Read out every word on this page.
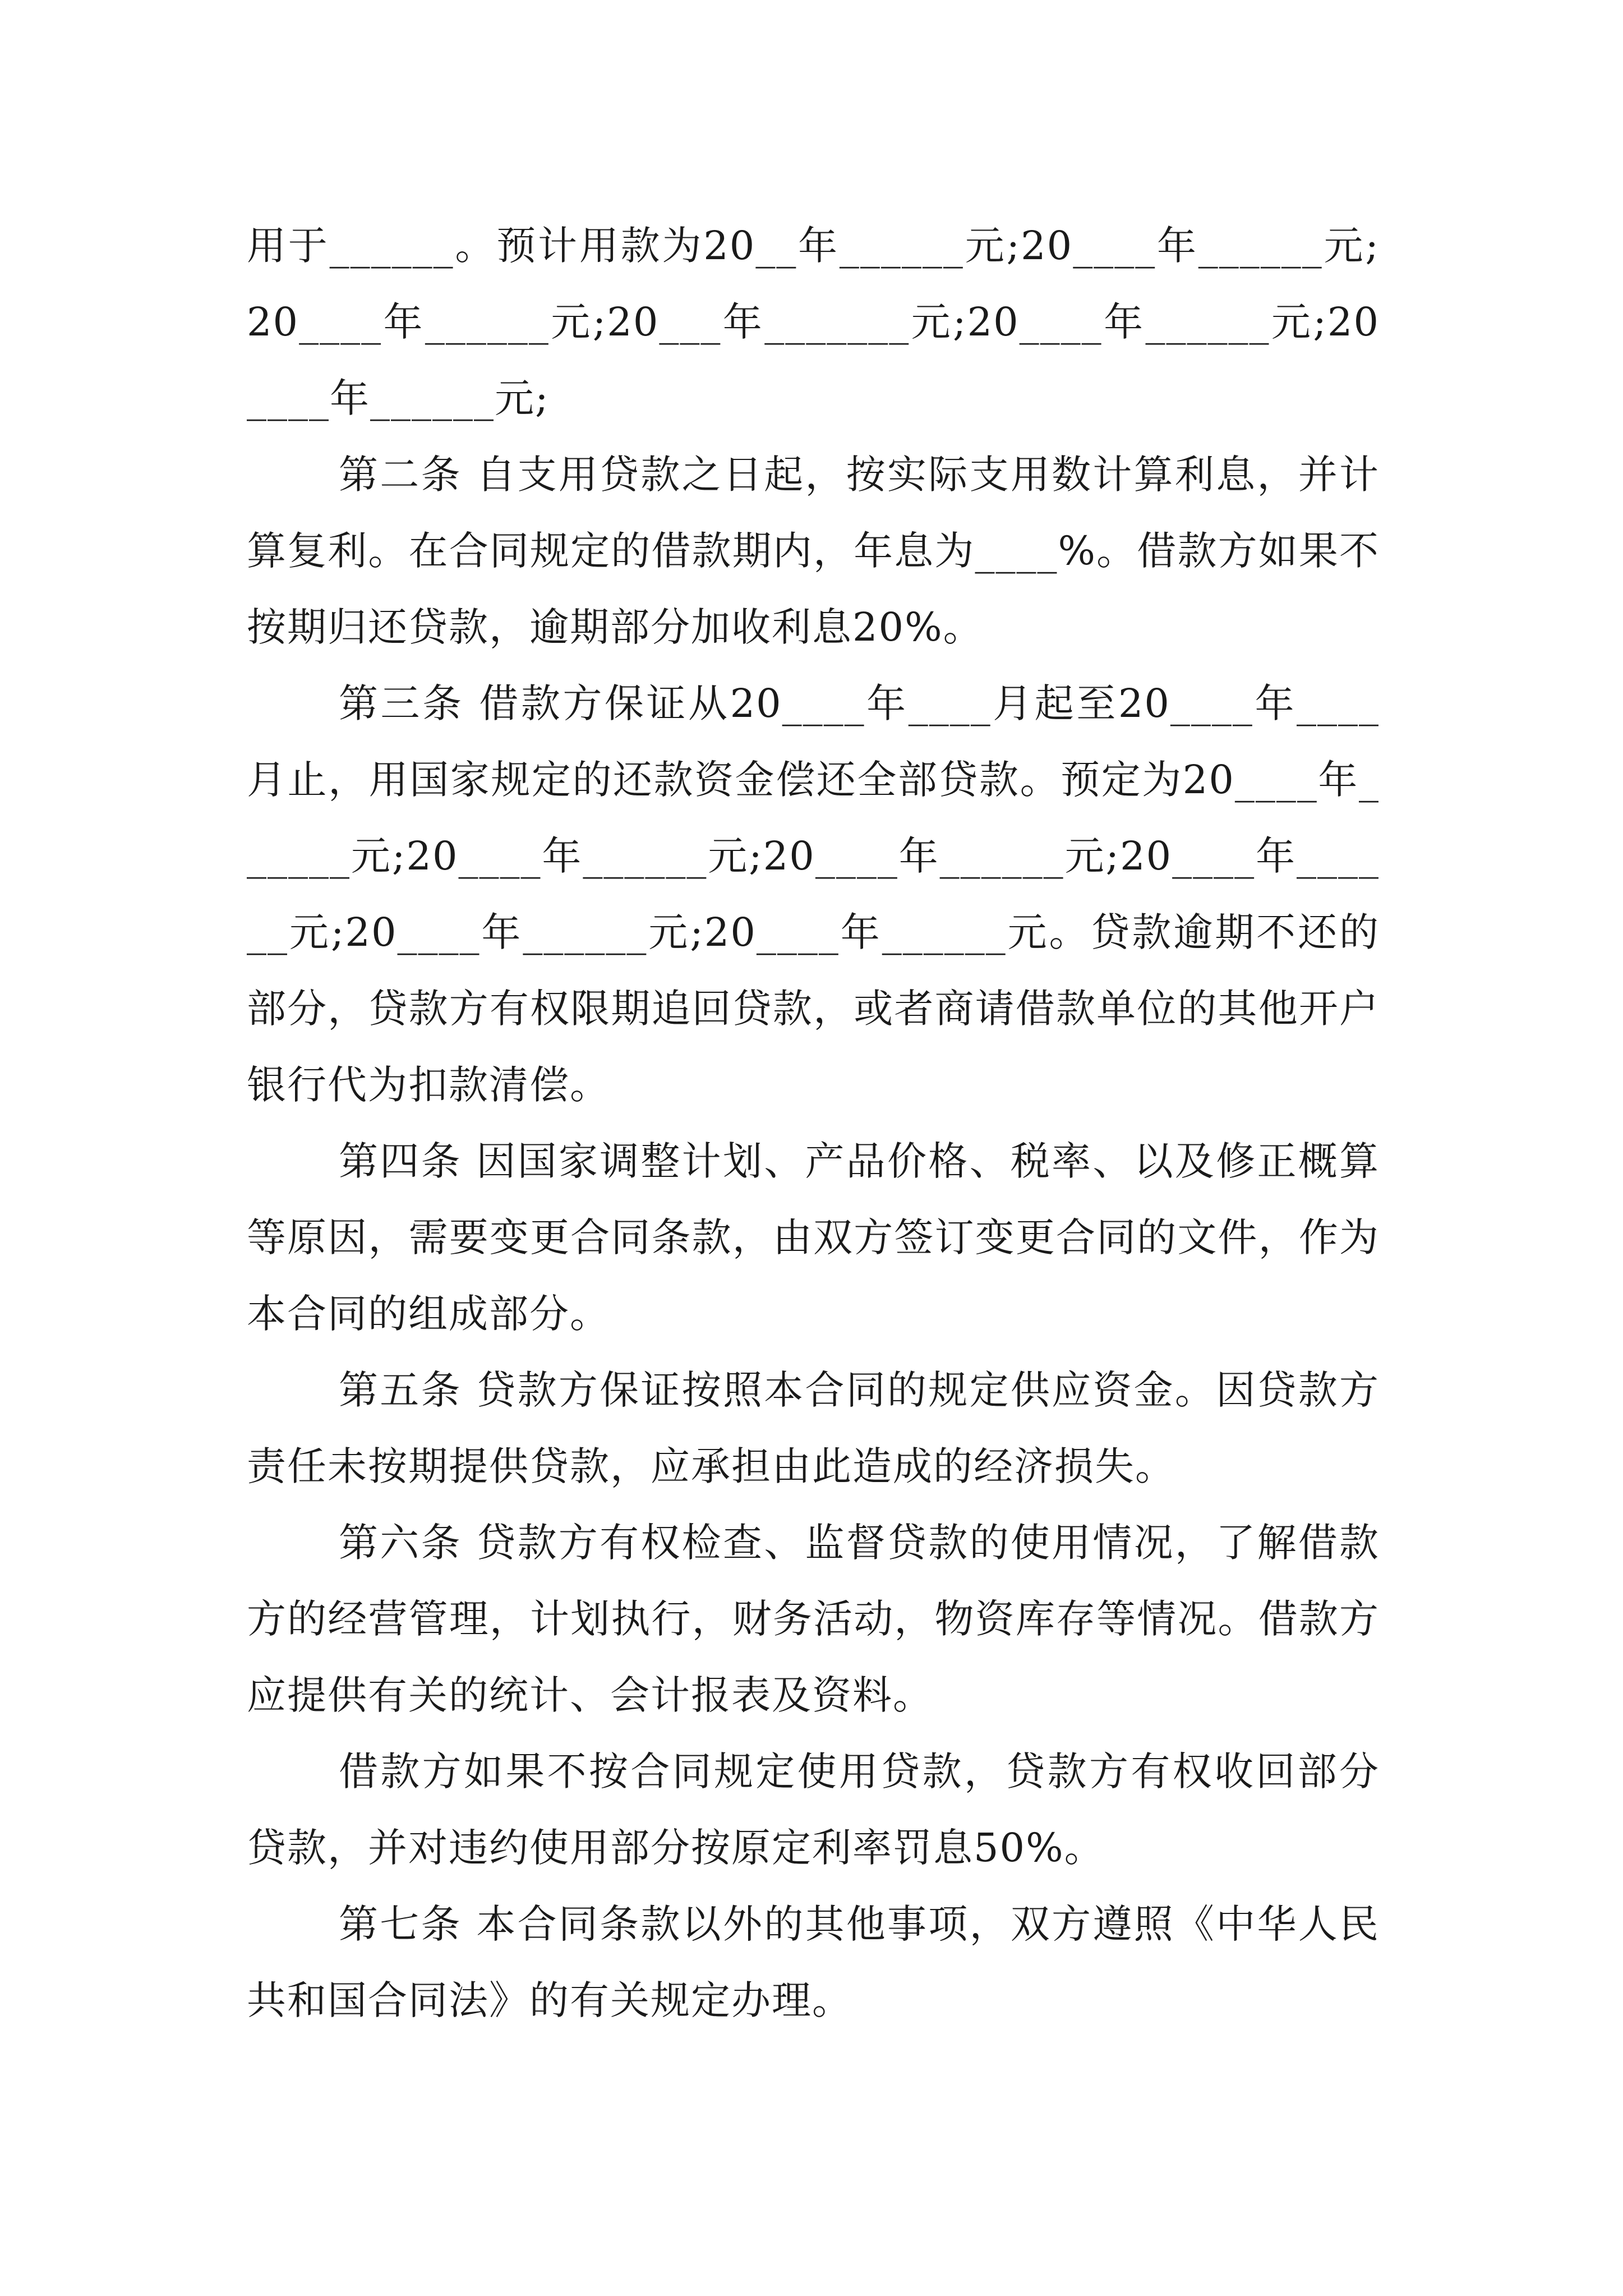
用于______。预计用款为20__年______元;20____年______元;20____年______元;20___年_______元;20____年______元;20____年______元;

第二条 自支用贷款之日起，按实际支用数计算利息，并计算复利。在合同规定的借款期内，年息为____%。借款方如果不按期归还贷款，逾期部分加收利息20%。

第三条 借款方保证从20____年____月起至20____年____月止，用国家规定的还款资金偿还全部贷款。预定为20____年______元;20____年______元;20____年______元;20____年______元;20____年______元;20____年______元。贷款逾期不还的部分，贷款方有权限期追回贷款，或者商请借款单位的其他开户银行代为扣款清偿。

第四条 因国家调整计划、产品价格、税率、以及修正概算等原因，需要变更合同条款，由双方签订变更合同的文件，作为本合同的组成部分。

第五条 贷款方保证按照本合同的规定供应资金。因贷款方责任未按期提供贷款，应承担由此造成的经济损失。

第六条 贷款方有权检查、监督贷款的使用情况，了解借款方的经营管理，计划执行，财务活动，物资库存等情况。借款方应提供有关的统计、会计报表及资料。

借款方如果不按合同规定使用贷款，贷款方有权收回部分贷款，并对违约使用部分按原定利率罚息50%。

第七条 本合同条款以外的其他事项，双方遵照《中华人民共和国合同法》的有关规定办理。
